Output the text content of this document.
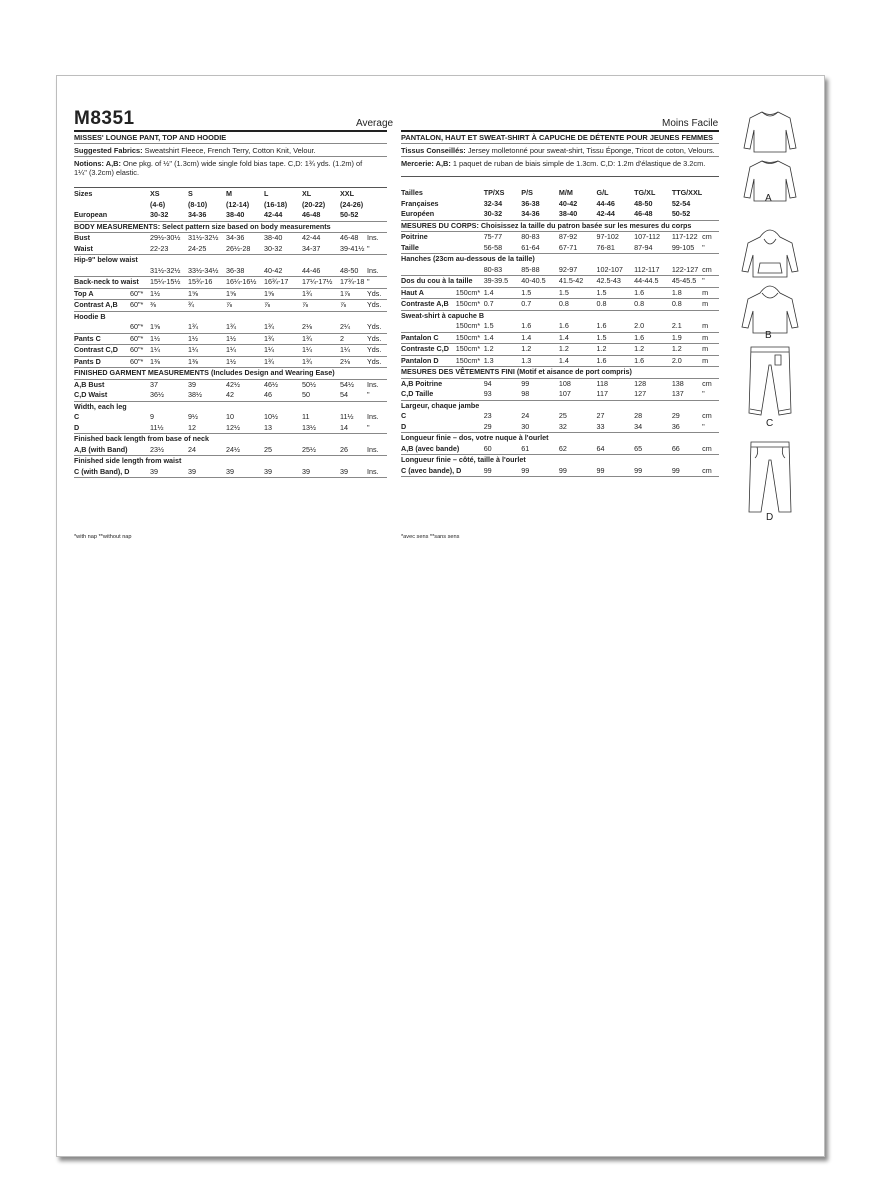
M8351	Average	Moins Facile
MISSES' LOUNGE PANT, TOP AND HOODIE
Suggested Fabrics: Sweatshirt Fleece, French Terry, Cotton Knit, Velour.
Notions: A,B: One pkg. of ½" (1.3cm) wide single fold bias tape. C,D: 1¾ yds. (1.2m) of 1¼" (3.2cm) elastic.
Sizes		XS	S	M	L	XL	XXL	
		(4-6)	(8-10)	(12-14)	(16-18)	(20-22)	(24-26)	
European		30-32	34-36	38-40	42-44	46-48	50-52	
BODY MEASUREMENTS: Select pattern size based on body measurements								
Bust		29½-30½	31½-32½	34-36	38-40	42-44	46-48	Ins.
Waist		22-23	24-25	26½-28	30-32	34-37	39-41½	"
Hip-9" below waist								
		31½-32½	33½-34½	36-38	40-42	44-46	48-50	Ins.
Back-neck to waist		15¼-15½	15¾-16	16¼-16½	16¾-17	17¼-17½	17¾-18	"
Top A	60"*	1½	1⅝	1⅝	1⅝	1¾	1⅞	Yds.
Contrast A,B	60"*	⅜	¾	⅞	⅞	⅞	⅞	Yds.
Hoodie B								
	60"*	1⅝	1¾	1¾	1¾	2⅛	2¼	Yds.
Pants C	60"*	1½	1½	1½	1¾	1¾	2	Yds.
Contrast C,D	60"*	1¼	1¼	1¼	1¼	1¼	1¼	Yds.
Pants D	60"*	1⅜	1⅜	1½	1¾	1¾	2⅛	Yds.
FINISHED GARMENT MEASUREMENTS (Includes Design and Wearing Ease)								
A,B Bust		37	39	42½	46½	50½	54½	Ins.
C,D Waist		36½	38½	42	46	50	54	"
Width, each leg								
C		9	9½	10	10½	11	11½	Ins.
D		11½	12	12½	13	13½	14	"
Finished back length from base of neck								
A,B (with Band)		23½	24	24½	25	25½	26	Ins.
Finished side length from waist								
C (with Band), D		39	39	39	39	39	39	Ins.
*with nap **without nap
PANTALON, HAUT ET SWEAT-SHIRT À CAPUCHE DE DÉTENTE POUR JEUNES FEMMES
Tissus Conseillés: Jersey molletonné pour sweat-shirt, Tissu Éponge, Tricot de coton, Velours.
Mercerie: A,B: 1 paquet de ruban de biais simple de 1.3cm. C,D: 1.2m d'élastique de 3.2cm.
Tailles		TP/XS	P/S	M/M	G/L	TG/XL	TTG/XXL	
Françaises		32-34	36-38	40-42	44-46	48-50	52-54	
Européen		30-32	34-36	38-40	42-44	46-48	50-52	
MESURES DU CORPS: Choisissez la taille du patron basée sur les mesures du corps								
Poitrine		75-77	80-83	87-92	97-102	107-112	117-122	cm
Taille		56-58	61-64	67-71	76-81	87-94	99-105	"
Hanches (23cm au-dessous de la taille)								
		80-83	85-88	92-97	102-107	112-117	122-127	cm
Dos du cou à la taille		39-39.5	40-40.5	41.5-42	42.5-43	44-44.5	45-45.5	"
Haut A	150cm*	1.4	1.5	1.5	1.5	1.6	1.8	m
Contraste A,B	150cm*	0.7	0.7	0.8	0.8	0.8	0.8	m
Sweat-shirt à capuche B								
	150cm*	1.5	1.6	1.6	1.6	2.0	2.1	m
Pantalon C	150cm*	1.4	1.4	1.4	1.5	1.6	1.9	m
Contraste C,D	150cm*	1.2	1.2	1.2	1.2	1.2	1.2	m
Pantalon D	150cm*	1.3	1.3	1.4	1.6	1.6	2.0	m
MESURES DES VÊTEMENTS FINI (Motif et aisance de port compris)								
A,B Poitrine		94	99	108	118	128	138	cm
C,D Taille		93	98	107	117	127	137	"
Largeur, chaque jambe								
C		23	24	25	27	28	29	cm
D		29	30	32	33	34	36	"
Longueur finie – dos, votre nuque à l'ourlet								
A,B (avec bande)		60	61	62	64	65	66	cm
Longueur finie – côté, taille à l'ourlet								
C (avec bande), D		99	99	99	99	99	99	cm
*avec sens **sans sens
A
B
C
D
